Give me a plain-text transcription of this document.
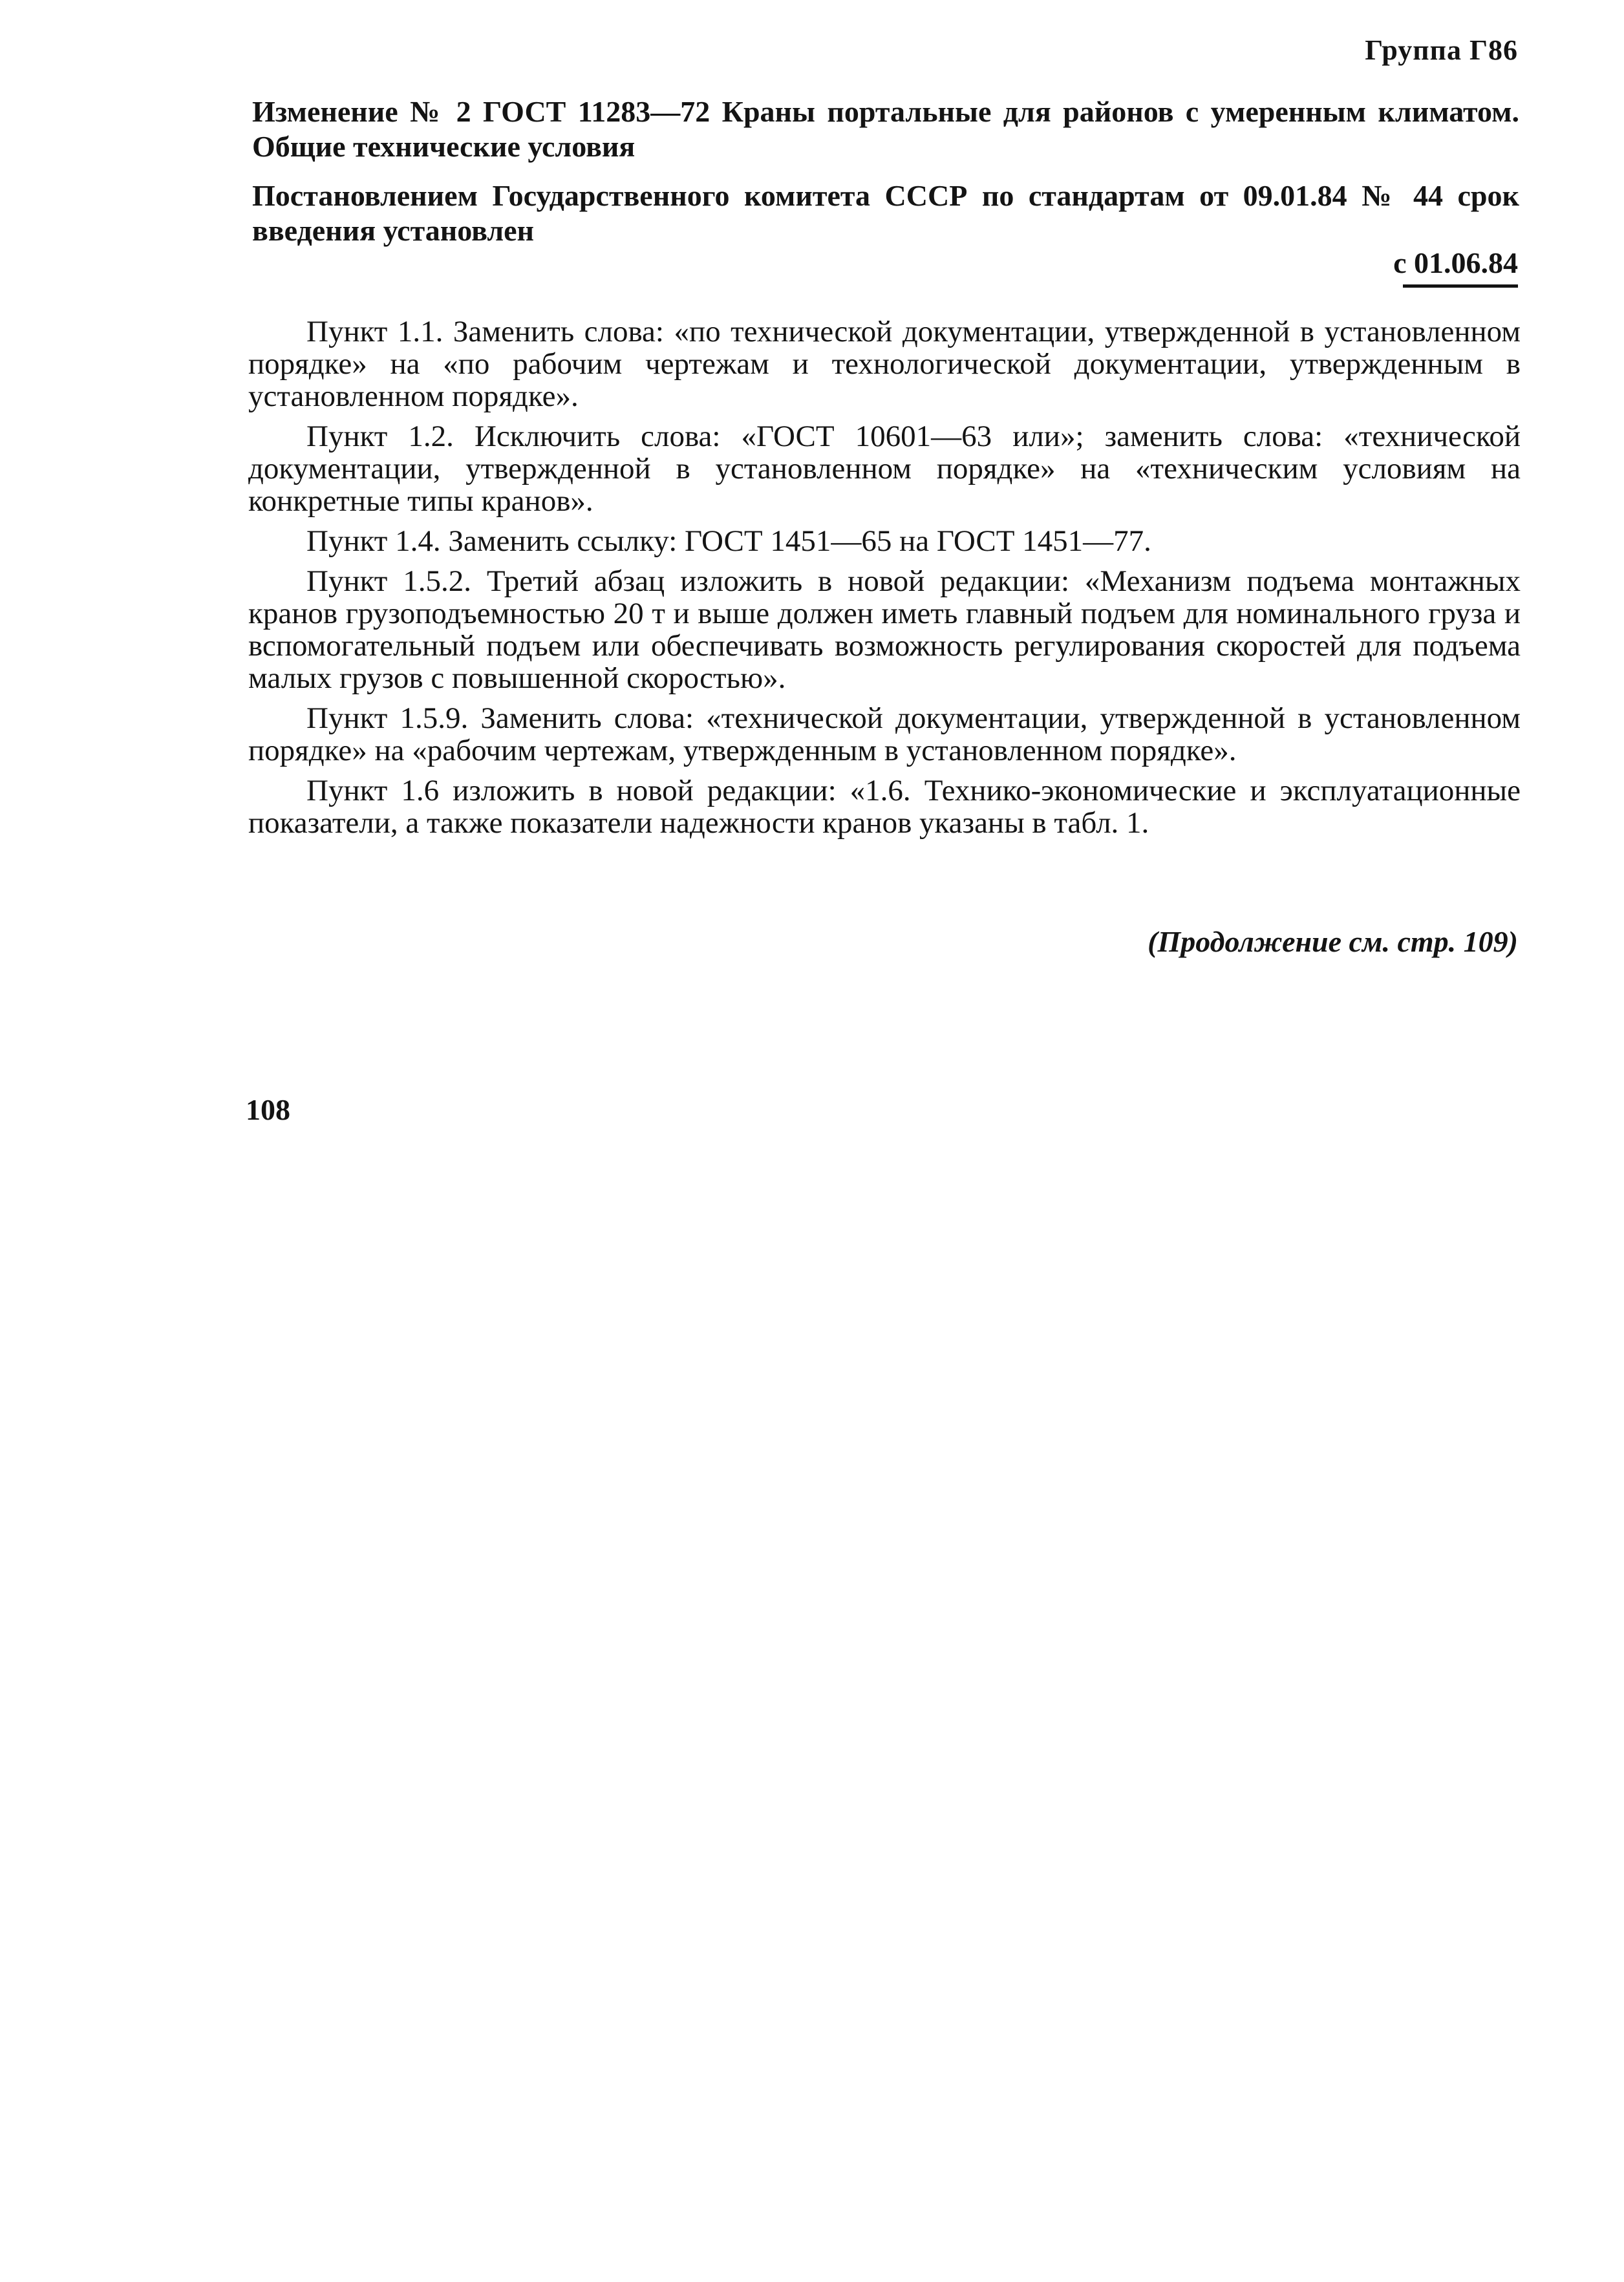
Группа Г86
Изменение № 2 ГОСТ 11283—72 Краны портальные для районов с умеренным климатом. Общие технические условия
Постановлением Государственного комитета СССР по стандартам от 09.01.84 № 44 срок введения установлен
с 01.06.84

Пункт 1.1. Заменить слова: «по технической документации, утвержденной в установленном порядке» на «по рабочим чертежам и технологической документации, утвержденным в установленном порядке».

Пункт 1.2. Исключить слова: «ГОСТ 10601—63 или»; заменить слова: «технической документации, утвержденной в установленном порядке» на «техническим условиям на конкретные типы кранов».

Пункт 1.4. Заменить ссылку: ГОСТ 1451—65 на ГОСТ 1451—77.

Пункт 1.5.2. Третий абзац изложить в новой редакции: «Механизм подъема монтажных кранов грузоподъемностью 20 т и выше должен иметь главный подъем для номинального груза и вспомогательный подъем или обеспечивать возможность регулирования скоростей для подъема малых грузов с повышенной скоростью».

Пункт 1.5.9. Заменить слова: «технической документации, утвержденной в установленном порядке» на «рабочим чертежам, утвержденным в установленном порядке».

Пункт 1.6 изложить в новой редакции: «1.6. Технико-экономические и эксплуатационные показатели, а также показатели надежности кранов указаны в табл. 1.

(Продолжение см. стр. 109)
108
